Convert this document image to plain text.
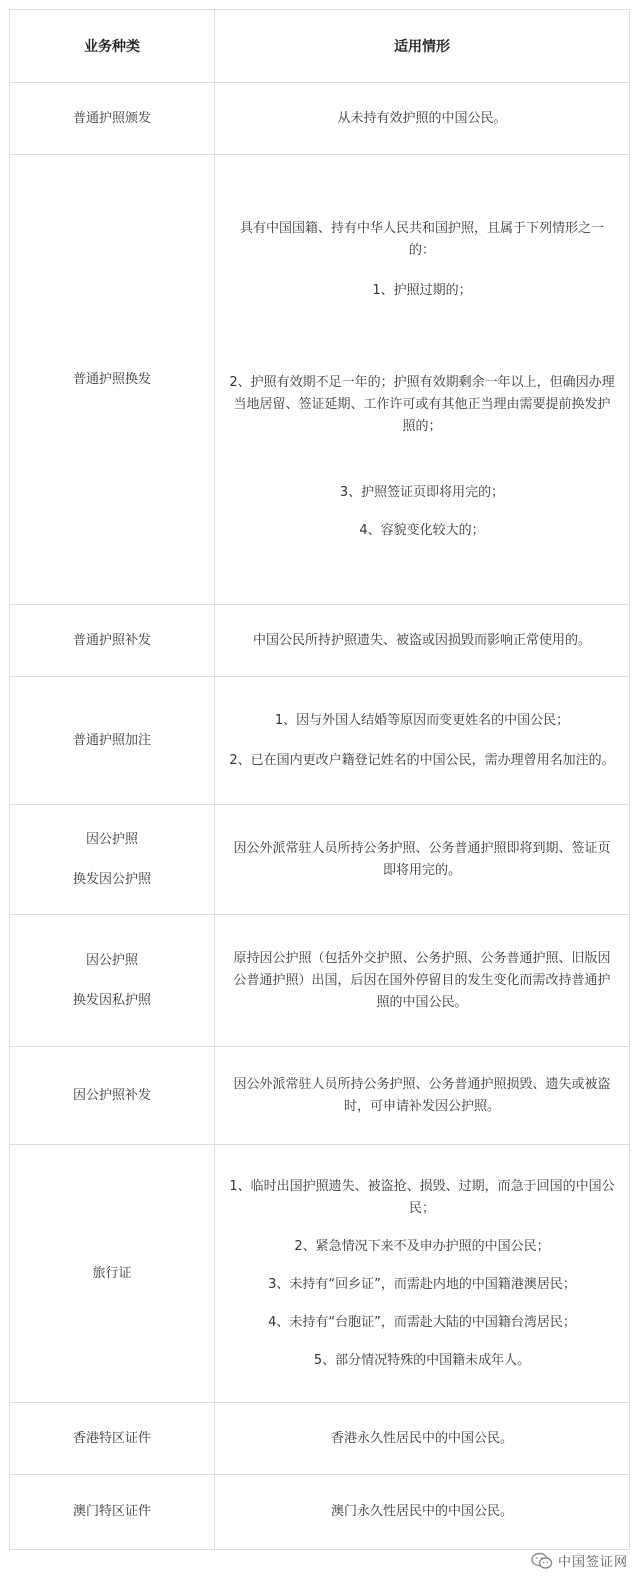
业务种类	适用情形

普通护照颁发	从未持有效护照的中国公民。

普通护照换发	具有中国国籍、持有中华人民共和国护照，且属于下列情形之一的：
1、护照过期的；
2、护照有效期不足一年的；护照有效期剩余一年以上，但确因办理当地居留、签证延期、工作许可或有其他正当理由需要提前换发护照的；
3、护照签证页即将用完的；
4、容貌变化较大的；

普通护照补发	中国公民所持护照遗失、被盗或因损毁而影响正常使用的。

普通护照加注	1、因与外国人结婚等原因而变更姓名的中国公民；
2、已在国内更改户籍登记姓名的中国公民，需办理曾用名加注的。

因公护照
换发因公护照	因公外派常驻人员所持公务护照、公务普通护照即将到期、签证页即将用完的。

因公护照
换发因私护照	原持因公护照（包括外交护照、公务护照、公务普通护照、旧版因公普通护照）出国，后因在国外停留目的发生变化而需改持普通护照的中国公民。

因公护照补发	因公外派常驻人员所持公务护照、公务普通护照损毁、遗失或被盗时，可申请补发因公护照。

旅行证	1、临时出国护照遗失、被盗抢、损毁、过期，而急于回国的中国公民；
2、紧急情况下来不及申办护照的中国公民；
3、未持有“回乡证”，而需赴内地的中国籍港澳居民；
4、未持有“台胞证”，而需赴大陆的中国籍台湾居民；
5、部分情况特殊的中国籍未成年人。

香港特区证件	香港永久性居民中的中国公民。

澳门特区证件	澳门永久性居民中的中国公民。
中国签证网
